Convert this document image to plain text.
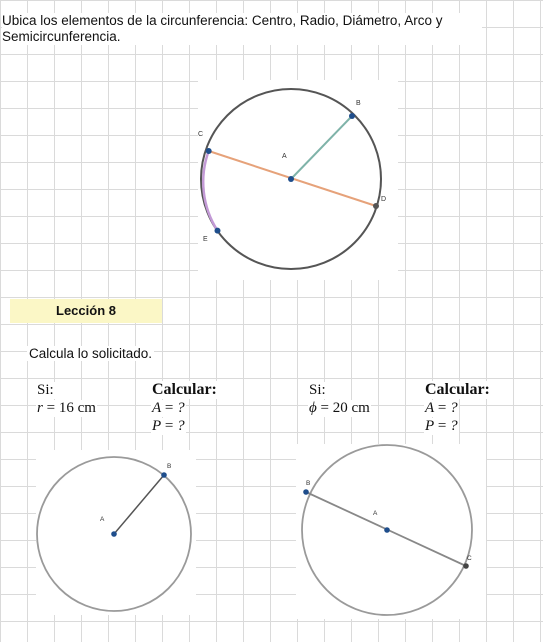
Ubica los elementos de la circunferencia: Centro, Radio, Diámetro, Arco y Semicircunferencia.
A
B
C
D
E
Lección 8
Calcula lo solicitado.
Si:
r = 16 cm
Calcular:
A = ?
P = ?
Si:
ϕ = 20 cm
Calcular:
A = ?
P = ?
A
B
A
B
C
